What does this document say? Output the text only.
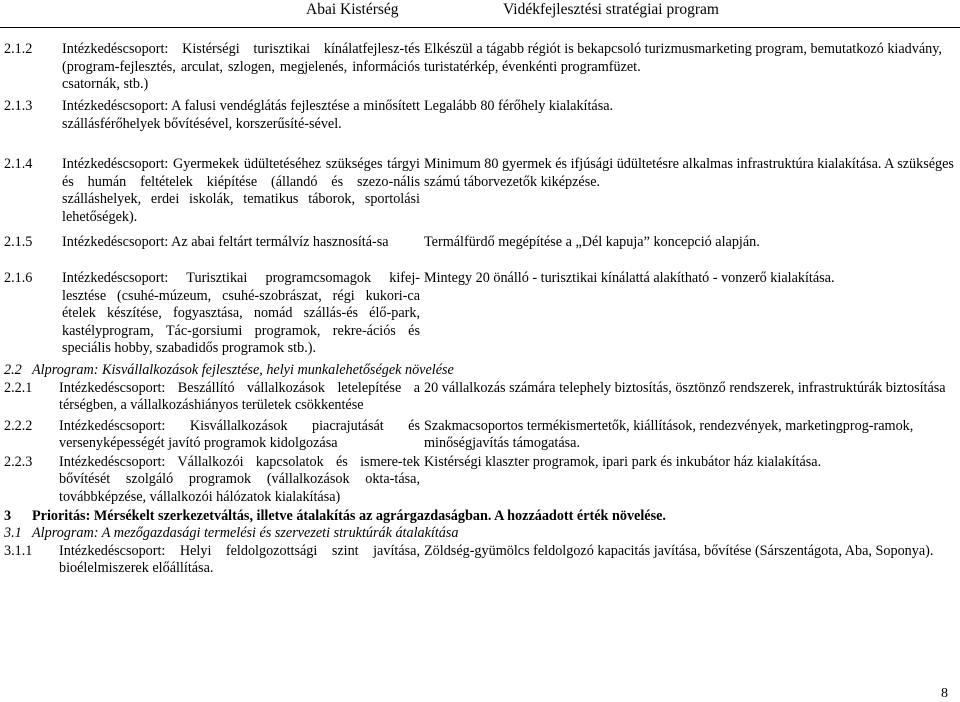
Abai Kistérség	Vidékfejlesztési stratégiai program
2.1.2 Intézkedéscsoport: Kistérségi turisztikai kínálatfejlesz-tés (program-fejlesztés, arculat, szlogen, megjelenés, információs csatornák, stb.)	Elkészül a tágabb régiót is bekapcsoló turizmusmarketing program, bemutatkozó kiadvány, turistatérkép, évenkénti programfüzet.

2.1.3 Intézkedéscsoport: A falusi vendéglátás fejlesztése a minősített szállásférőhelyek bővítésével, korszerűsíté-sével.	Legalább 80 férőhely kialakítása.

2.1.4 Intézkedéscsoport: Gyermekek üdültetéséhez szükséges tárgyi és humán feltételek kiépítése (állandó és szezo-nális szálláshelyek, erdei iskolák, tematikus táborok, sportolási lehetőségek).	Minimum 80 gyermek és ifjúsági üdültetésre alkalmas infrastruktúra kialakítása. A szükséges számú táborvezetők kiképzése.

2.1.5 Intézkedéscsoport: Az abai feltárt termálvíz hasznosítá-sa	Termálfürdő megépítése a „Dél kapuja” koncepció alapján.

2.1.6 Intézkedéscsoport: Turisztikai programcsomagok kifej-lesztése (csuhé-múzeum, csuhé-szobrászat, régi kukori-ca ételek készítése, fogyasztása, nomád szállás-és élő-park, kastélyprogram, Tác-gorsiumi programok, rekre-ációs és speciális hobby, szabadidős programok stb.).	Mintegy 20 önálló - turisztikai kínálattá alakítható - vonzerő kialakítása.
2.2 Alprogram: Kisvállalkozások fejlesztése, helyi munkalehetőségek növelése	

2.2.1 Intézkedéscsoport: Beszállító vállalkozások letelepítése a térségben, a vállalkozáshiányos területek csökkentése	20 vállalkozás számára telephely biztosítás, ösztönző rendszerek, infrastruktúrák biztosítása

2.2.2 Intézkedéscsoport: Kisvállalkozások piacrajutását és versenyképességét javító programok kidolgozása	Szakmacsoportos termékismertetők, kiállítások, rendezvények, marketingprog-ramok, minőségjavítás támogatása.

2.2.3 Intézkedéscsoport: Vállalkozói kapcsolatok és ismere-tek bővítését szolgáló programok (vállalkozások okta-tása, továbbképzése, vállalkozói hálózatok kialakítása)	Kistérségi klaszter programok, ipari park és inkubátor ház kialakítása.
3 Prioritás: Mérsékelt szerkezetváltás, illetve átalakítás az agrárgazdaságban. A hozzáadott érték növelése.	
3.1 Alprogram: A mezőgazdasági termelési és szervezeti struktúrák átalakítása	

3.1.1 Intézkedéscsoport: Helyi feldolgozottsági szint javítása, bioélelmiszerek előállítása.	Zöldség-gyümölcs feldolgozó kapacitás javítása, bővítése (Sárszentágota, Aba, Soponya).
8
